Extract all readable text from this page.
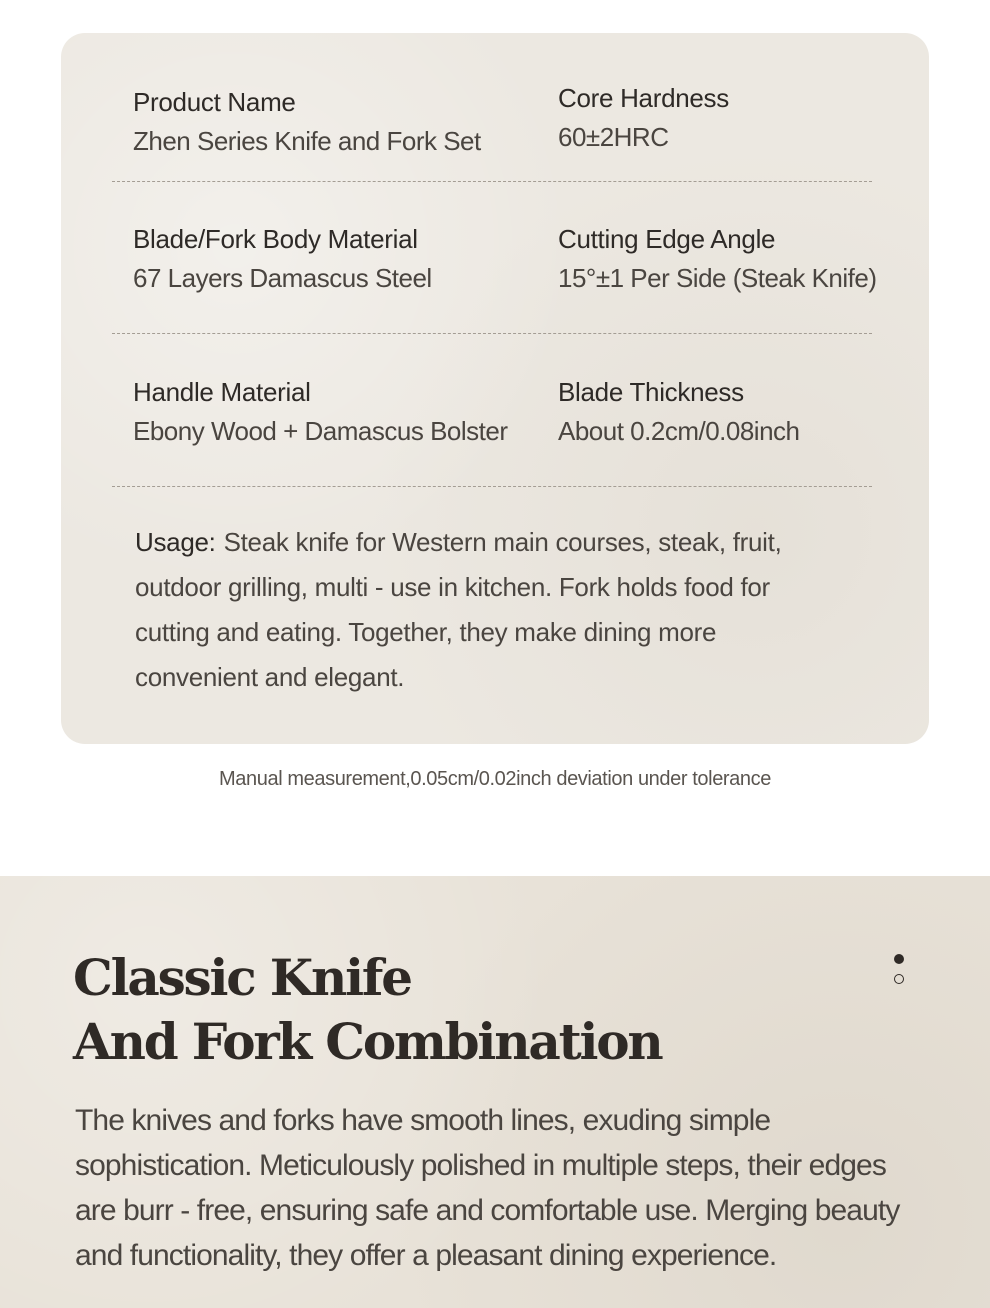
Product Name
Zhen Series Knife and Fork Set
Core Hardness
60±2HRC
Blade/Fork Body Material
67 Layers Damascus Steel
Cutting Edge Angle
15°±1 Per Side (Steak Knife)
Handle Material
Ebony Wood + Damascus Bolster
Blade Thickness
About 0.2cm/0.08inch
Usage: Steak knife for Western main courses, steak, fruit, outdoor grilling, multi - use in kitchen. Fork holds food for cutting and eating. Together, they make dining more convenient and elegant.
Manual measurement,0.05cm/0.02inch deviation under tolerance
Classic Knife
And Fork Combination

The knives and forks have smooth lines, exuding simple sophistication. Meticulously polished in multiple steps, their edges are burr - free, ensuring safe and comfortable use. Merging beauty and functionality, they offer a pleasant dining experience.
